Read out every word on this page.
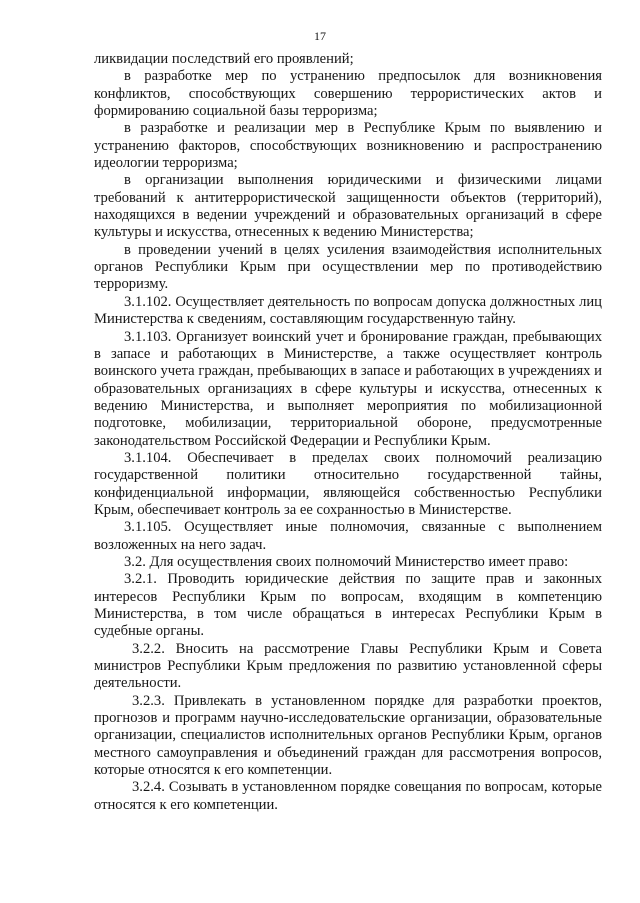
17

ликвидации последствий его проявлений;

в разработке мер по устранению предпосылок для возникновения конфликтов, способствующих совершению террористических актов и формированию социальной базы терроризма;

в разработке и реализации мер в Республике Крым по выявлению и устранению факторов, способствующих возникновению и распространению идеологии терроризма;

в организации выполнения юридическими и физическими лицами требований к антитеррористической защищенности объектов (территорий), находящихся в ведении учреждений и образовательных организаций в сфере культуры и искусства, отнесенных к ведению Министерства;

в проведении учений в целях усиления взаимодействия исполнительных органов Республики Крым при осуществлении мер по противодействию терроризму.

3.1.102. Осуществляет деятельность по вопросам допуска должностных лиц Министерства к сведениям, составляющим государственную тайну.

3.1.103. Организует воинский учет и бронирование граждан, пребывающих в запасе и работающих в Министерстве, а также осуществляет контроль воинского учета граждан, пребывающих в запасе и работающих в учреждениях и образовательных организациях в сфере культуры и искусства, отнесенных к ведению Министерства, и выполняет мероприятия по мобилизационной подготовке, мобилизации, территориальной обороне, предусмотренные законодательством Российской Федерации и Республики Крым.

3.1.104. Обеспечивает в пределах своих полномочий реализацию государственной политики относительно государственной тайны, конфиденциальной информации, являющейся собственностью Республики Крым, обеспечивает контроль за ее сохранностью в Министерстве.

3.1.105. Осуществляет иные полномочия, связанные с выполнением возложенных на него задач.

3.2. Для осуществления своих полномочий Министерство имеет право:

3.2.1. Проводить юридические действия по защите прав и законных интересов Республики Крым по вопросам, входящим в компетенцию Министерства, в том числе обращаться в интересах Республики Крым в судебные органы.

3.2.2. Вносить на рассмотрение Главы Республики Крым и Совета министров Республики Крым предложения по развитию установленной сферы деятельности.

3.2.3. Привлекать в установленном порядке для разработки проектов, прогнозов и программ научно-исследовательские организации, образовательные организации, специалистов исполнительных органов Республики Крым, органов местного самоуправления и объединений граждан для рассмотрения вопросов, которые относятся к его компетенции.

3.2.4. Созывать в установленном порядке совещания по вопросам, которые относятся к его компетенции.
